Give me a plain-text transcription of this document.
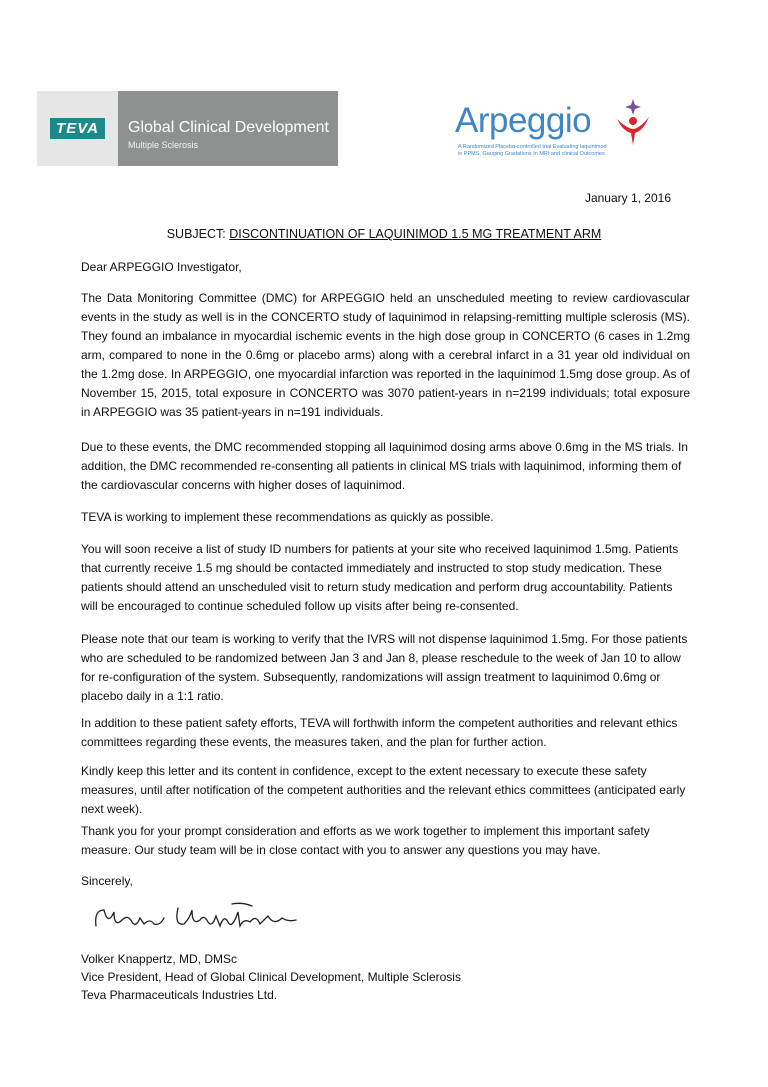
TEVA	Global Clinical Development
Multiple Sclerosis
Arpeggio
A Randomized Placebo-controlled trial Evaluating laquinimod
in PPMS, Gauging Gradations In MRI and clinical Outcomes
January 1, 2016
SUBJECT: DISCONTINUATION OF LAQUINIMOD 1.5 MG TREATMENT ARM
Dear ARPEGGIO Investigator,
The Data Monitoring Committee (DMC) for ARPEGGIO held an unscheduled meeting to review cardiovascular events in the study as well is in the CONCERTO study of laquinimod in relapsing-remitting multiple sclerosis (MS). They found an imbalance in myocardial ischemic events in the high dose group in CONCERTO (6 cases in 1.2mg arm, compared to none in the 0.6mg or placebo arms) along with a cerebral infarct in a 31 year old individual on the 1.2mg dose. In ARPEGGIO, one myocardial infarction was reported in the laquinimod 1.5mg dose group. As of November 15, 2015, total exposure in CONCERTO was 3070 patient-years in n=2199 individuals; total exposure in ARPEGGIO was 35 patient-years in n=191 individuals.
Due to these events, the DMC recommended stopping all laquinimod dosing arms above 0.6mg in the MS trials. In addition, the DMC recommended re-consenting all patients in clinical MS trials with laquinimod, informing them of the cardiovascular concerns with higher doses of laquinimod.
TEVA is working to implement these recommendations as quickly as possible.
You will soon receive a list of study ID numbers for patients at your site who received laquinimod 1.5mg. Patients that currently receive 1.5 mg should be contacted immediately and instructed to stop study medication. These patients should attend an unscheduled visit to return study medication and perform drug accountability. Patients will be encouraged to continue scheduled follow up visits after being re-consented.
Please note that our team is working to verify that the IVRS will not dispense laquinimod 1.5mg. For those patients who are scheduled to be randomized between Jan 3 and Jan 8, please reschedule to the week of Jan 10 to allow for re-configuration of the system. Subsequently, randomizations will assign treatment to laquinimod 0.6mg or placebo daily in a 1:1 ratio.
In addition to these patient safety efforts, TEVA will forthwith inform the competent authorities and relevant ethics committees regarding these events, the measures taken, and the plan for further action.
Kindly keep this letter and its content in confidence, except to the extent necessary to execute these safety measures, until after notification of the competent authorities and the relevant ethics committees (anticipated early next week).
Thank you for your prompt consideration and efforts as we work together to implement this important safety measure. Our study team will be in close contact with you to answer any questions you may have.
Sincerely,
Volker Knappertz, MD, DMSc
Vice President, Head of Global Clinical Development, Multiple Sclerosis
Teva Pharmaceuticals Industries Ltd.
